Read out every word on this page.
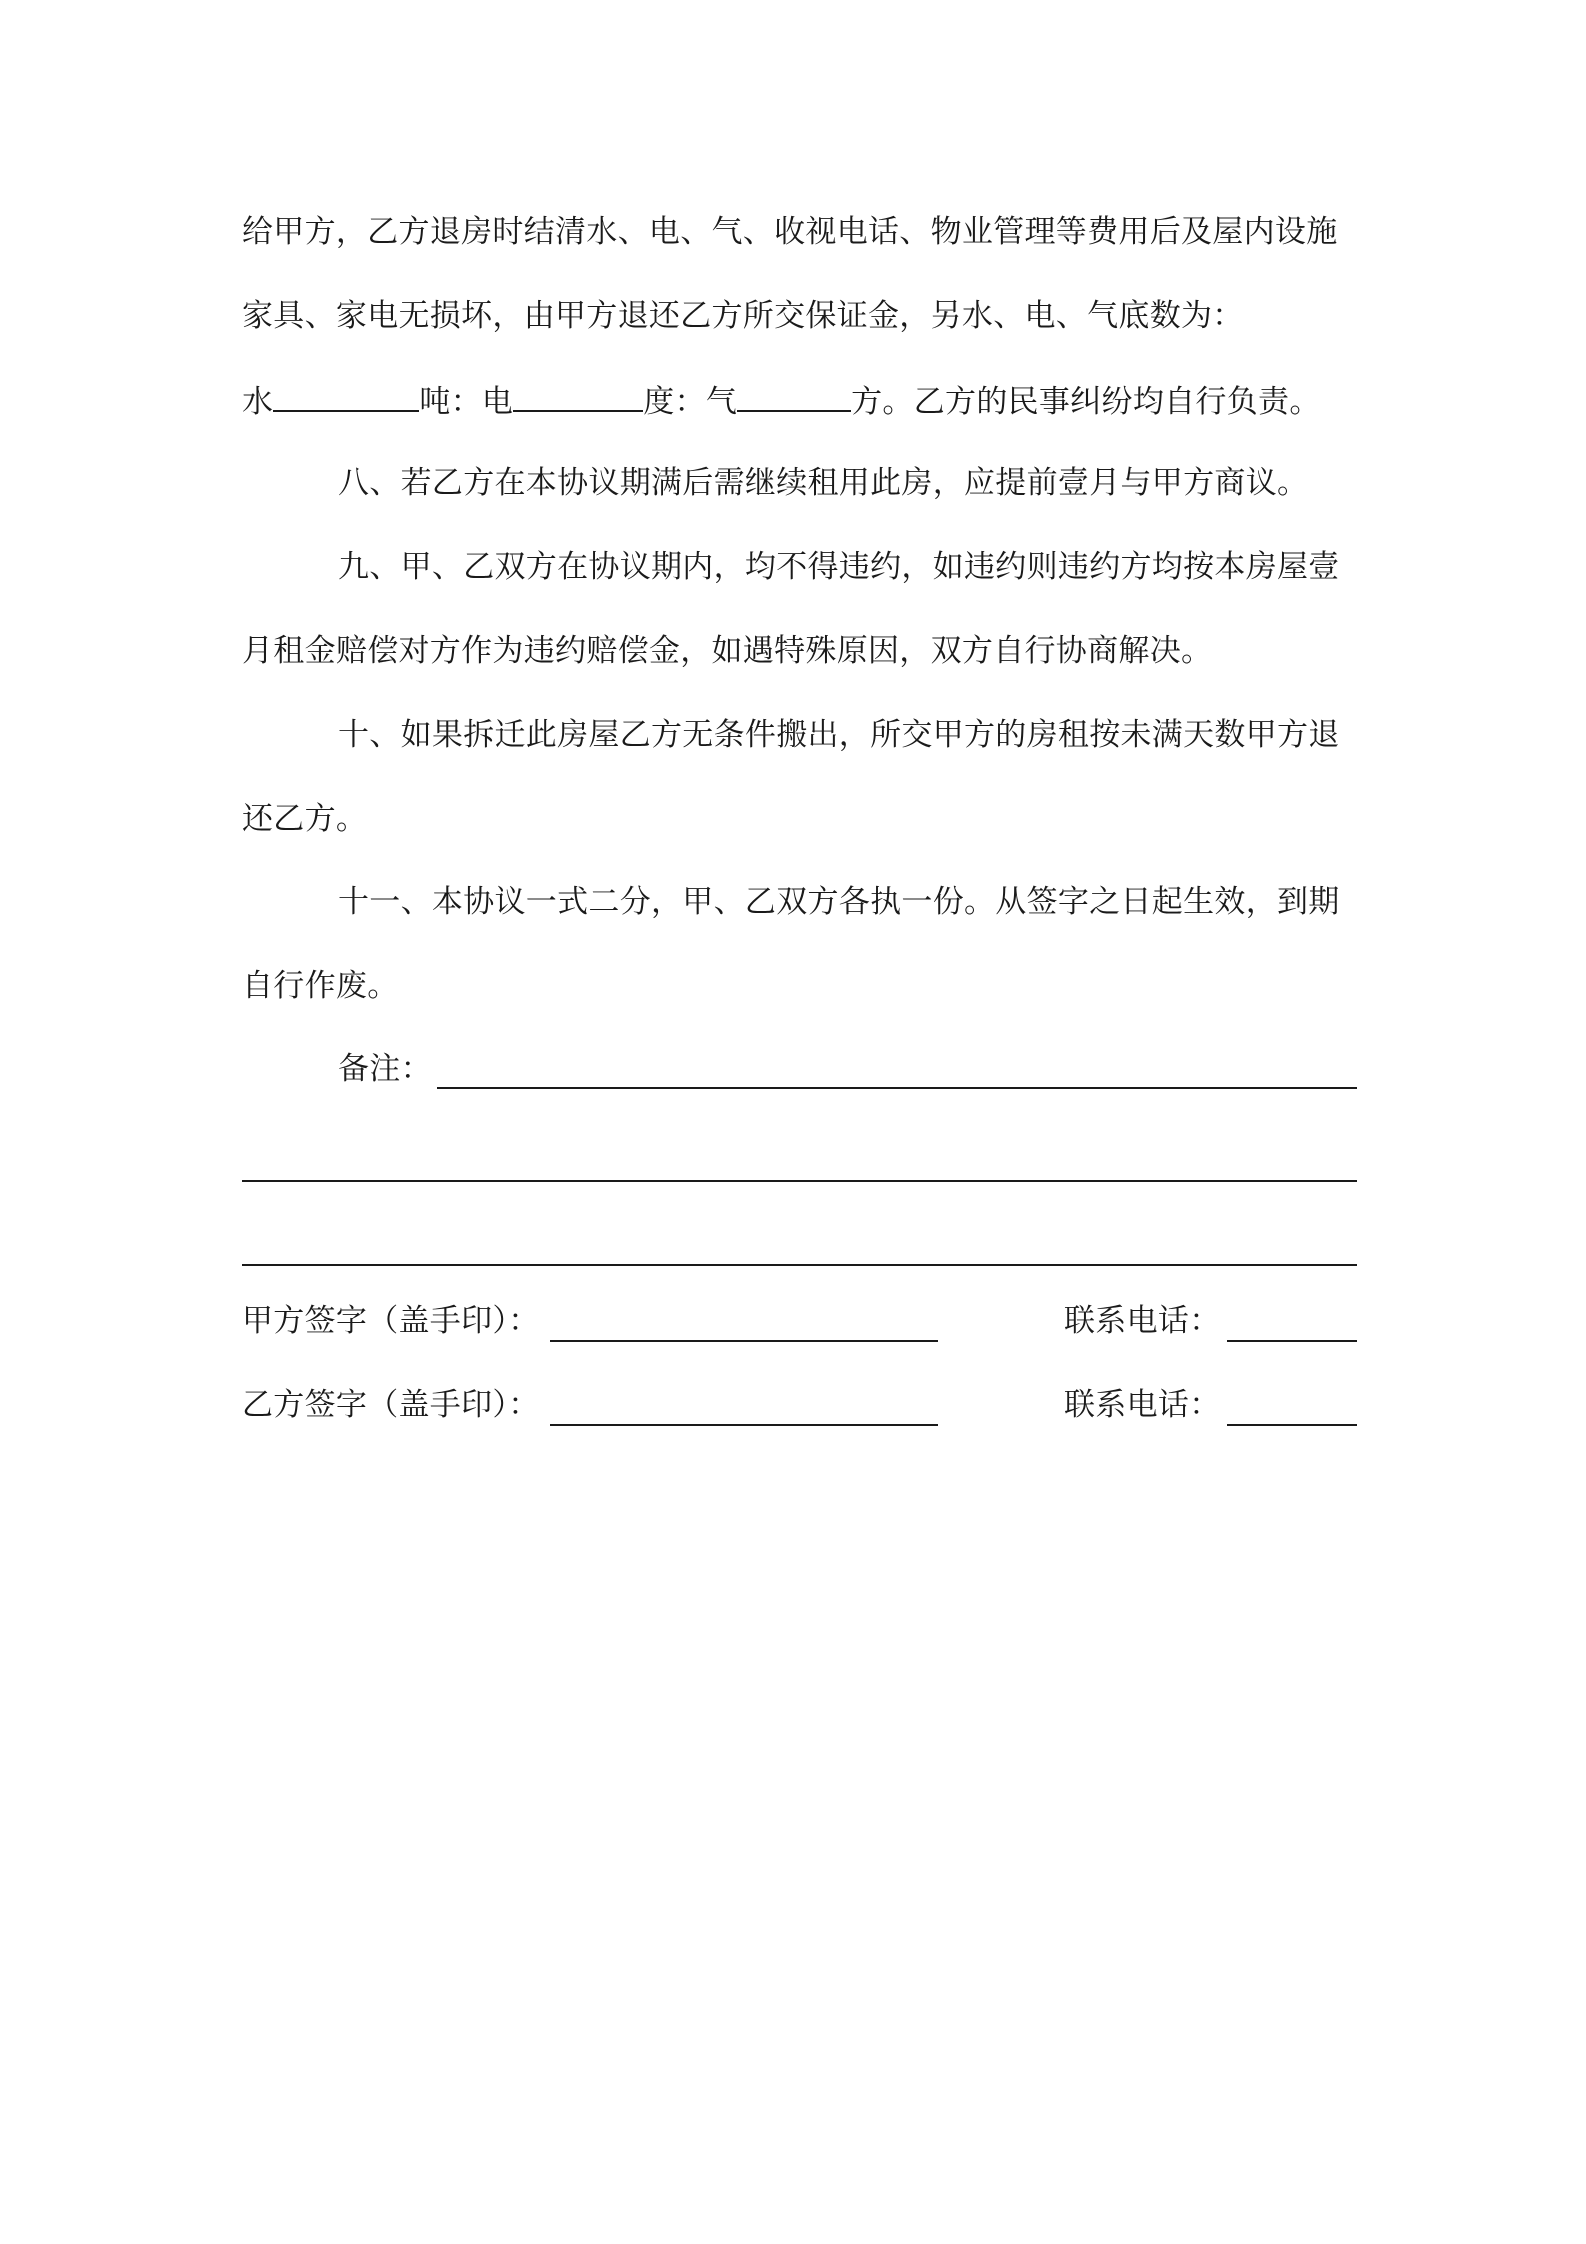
给甲方，乙方退房时结清水、电、气、收视电话、物业管理等费用后及屋内设施
家具、家电无损坏，由甲方退还乙方所交保证金，另水、电、气底数为：
水	吨：电	度：气	方。乙方的民事纠纷均自行负责。
八、若乙方在本协议期满后需继续租用此房，应提前壹月与甲方商议。
九、甲、乙双方在协议期内，均不得违约，如违约则违约方均按本房屋壹
月租金赔偿对方作为违约赔偿金，如遇特殊原因，双方自行协商解决。
十、如果拆迁此房屋乙方无条件搬出，所交甲方的房租按未满天数甲方退
还乙方。
十一、本协议一式二分，甲、乙双方各执一份。从签字之日起生效，到期
自行作废。
备注：
甲方签字（盖手印）：	联系电话：
乙方签字（盖手印）：	联系电话：
